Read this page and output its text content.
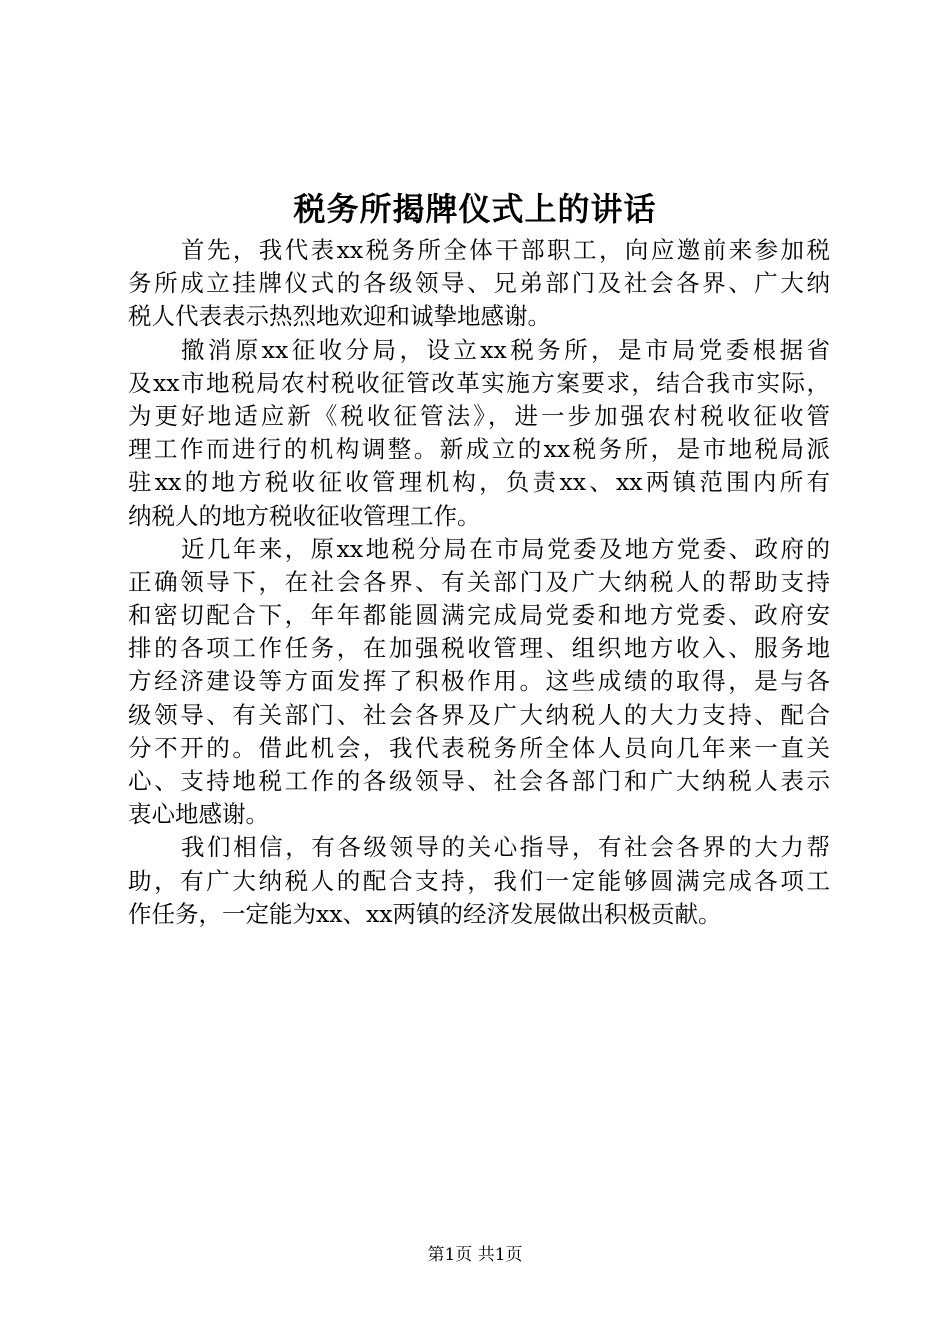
税务所揭牌仪式上的讲话
首先，我代表xx税务所全体干部职工，向应邀前来参加税
务所成立挂牌仪式的各级领导、兄弟部门及社会各界、广大纳
税人代表表示热烈地欢迎和诚挚地感谢。
撤消原xx征收分局，设立xx税务所，是市局党委根据省
及xx市地税局农村税收征管改革实施方案要求，结合我市实际，
为更好地适应新《税收征管法》，进一步加强农村税收征收管
理工作而进行的机构调整。新成立的xx税务所，是市地税局派
驻xx的地方税收征收管理机构，负责xx、xx两镇范围内所有
纳税人的地方税收征收管理工作。
近几年来，原xx地税分局在市局党委及地方党委、政府的
正确领导下，在社会各界、有关部门及广大纳税人的帮助支持
和密切配合下，年年都能圆满完成局党委和地方党委、政府安
排的各项工作任务，在加强税收管理、组织地方收入、服务地
方经济建设等方面发挥了积极作用。这些成绩的取得，是与各
级领导、有关部门、社会各界及广大纳税人的大力支持、配合
分不开的。借此机会，我代表税务所全体人员向几年来一直关
心、支持地税工作的各级领导、社会各部门和广大纳税人表示
衷心地感谢。
我们相信，有各级领导的关心指导，有社会各界的大力帮
助，有广大纳税人的配合支持，我们一定能够圆满完成各项工
作任务，一定能为xx、xx两镇的经济发展做出积极贡献。
第1页 共1页
